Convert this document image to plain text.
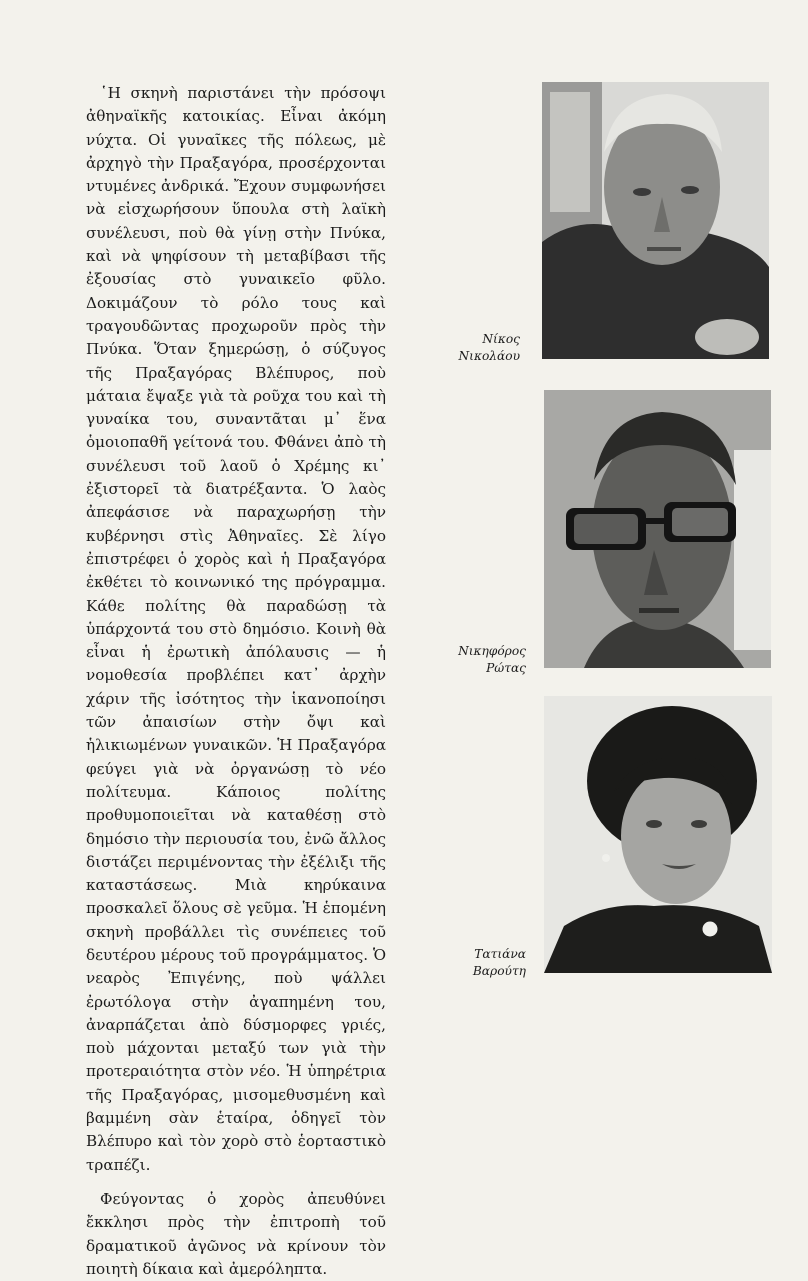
῾Η σκηνὴ παριστάνει τὴν πρόσοψι ἀθηναϊκῆς κατοικίας. Εἶναι ἀκόμη νύχτα. Οἱ γυναῖκες τῆς πόλεως, μὲ ἀρχηγὸ τὴν Πραξαγόρα, προσέρχονται ντυμένες ἀνδρικά. Ἔχουν συμφωνήσει νὰ εἰσχωρήσουν ὕπουλα στὴ λαϊκὴ συνέλευσι, ποὺ θὰ γίνῃ στὴν Πνύκα, καὶ νὰ ψηφίσουν τὴ μεταβίβασι τῆς ἐξουσίας στὸ γυναικεῖο φῦλο. Δοκιμάζουν τὸ ρόλο τους καὶ τραγουδῶντας προχωροῦν πρὸς τὴν Πνύκα. Ὅταν ξημερώσῃ, ὁ σύζυγος τῆς Πραξαγόρας Βλέπυρος, ποὺ μάταια ἔψαξε γιὰ τὰ ροῦχα του καὶ τὴ γυναίκα του, συναντᾶται μ᾽ ἕνα ὁμοιοπαθῆ γείτονά του. Φθάνει ἀπὸ τὴ συνέλευσι τοῦ λαοῦ ὁ Χρέμης κι᾽ ἐξιστορεῖ τὰ διατρέξαντα. Ὁ λαὸς ἀπεφάσισε νὰ παραχωρήσῃ τὴν κυβέρνησι στὶς Ἀθηναῖες. Σὲ λίγο ἐπιστρέφει ὁ χορὸς καὶ ἡ Πραξαγόρα ἐκθέτει τὸ κοινωνικό της πρόγραμμα. Κάθε πολίτης θὰ παραδώσῃ τὰ ὑπάρχοντά του στὸ δημόσιο. Κοινὴ θὰ εἶναι ἡ ἐρωτικὴ ἀπόλαυσις — ἡ νομοθεσία προβλέπει κατ᾽ ἀρχὴν χάριν τῆς ἰσότητος τὴν ἱκανοποίησι τῶν ἀπαισίων στὴν ὄψι καὶ ἡλικιωμένων γυναικῶν. Ἡ Πραξαγόρα φεύγει γιὰ νὰ ὀργανώσῃ τὸ νέο πολίτευμα. Κάποιος πολίτης προθυμοποιεῖται νὰ καταθέσῃ στὸ δημόσιο τὴν περιουσία του, ἐνῶ ἄλλος διστάζει περιμένοντας τὴν ἐξέλιξι τῆς καταστάσεως. Μιὰ κηρύκαινα προσκαλεῖ ὅλους σὲ γεῦμα. Ἡ ἑπομένη σκηνὴ προβάλλει τὶς συνέπειες τοῦ δευτέρου μέρους τοῦ προγράμματος. Ὁ νεαρὸς Ἐπιγένης, ποὺ ψάλλει ἐρωτόλογα στὴν ἀγαπημένη του, ἀναρπάζεται ἀπὸ δύσμορφες γριές, ποὺ μάχονται μεταξύ των γιὰ τὴν προτεραιότητα στὸν νέο. Ἡ ὑπηρέτρια τῆς Πραξαγόρας, μισομεθυσμένη καὶ βαμμένη σὰν ἑταίρα, ὁδηγεῖ τὸν Βλέπυρο καὶ τὸν χορὸ στὸ ἑορταστικὸ τραπέζι.

Φεύγοντας ὁ χορὸς ἀπευθύνει ἔκκλησι πρὸς τὴν ἐπιτροπὴ τοῦ δραματικοῦ ἀγῶνος νὰ κρίνουν τὸν ποιητὴ δίκαια καὶ ἀμερόληπτα.

Νίκος
Νικολάου
Νικηφόρος
Ρώτας
Τατιάνα
Βαρούτη
